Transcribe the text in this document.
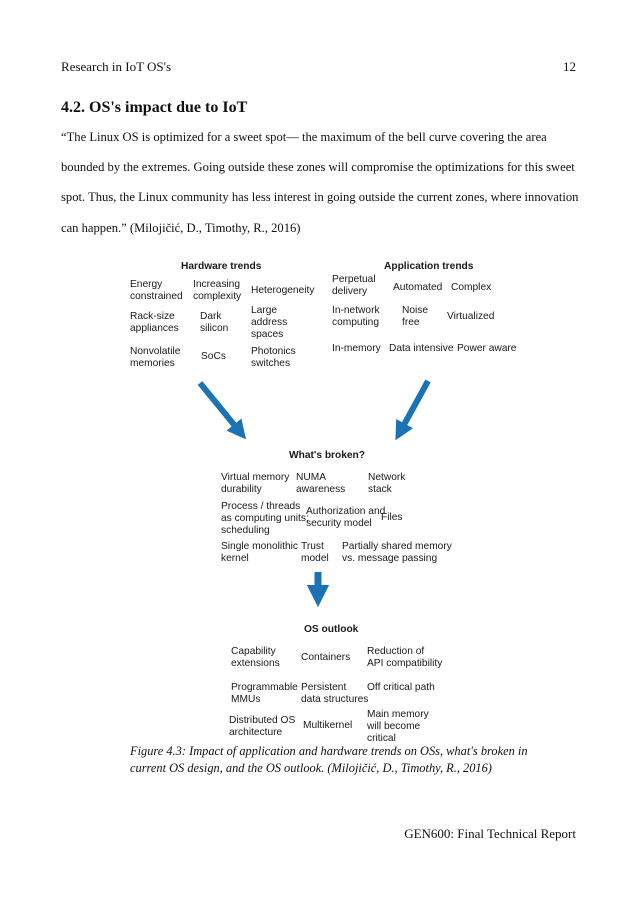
Research in IoT OS's	12
4.2. OS's impact due to IoT
“The Linux OS is optimized for a sweet spot— the maximum of the bell curve covering the area bounded by the extremes. Going outside these zones will compromise the optimizations for this sweet spot. Thus, the Linux community has less interest in going outside the current zones, where innovation can happen.” (Milojičić, D., Timothy, R., 2016)
Hardware trends
Energy
constrained
Increasing
complexity
Heterogeneity
Rack-size
appliances
Dark
silicon
Large
address
spaces
Nonvolatile
memories
SoCs Photonics
switches
Application trends
Perpetual
delivery	Automated Complex
In-network
computing
Noise
free
Virtualized
In-memory Data intensive Power aware
What's broken?
Virtual memory
durability
NUMA
awareness
Network
stack
Process / threads
as computing units;
scheduling
Authorization and
security model
Files
Single monolithic
kernel
Trust
model
Partially shared memory
vs. message passing
OS outlook
Capability
extensions
Containers
Reduction of
API compatibility
Programmable
MMUs
Persistent
data structures
Off critical path
Distributed OS
architecture
Multikernel
Main memory
will become
critical
Figure 4.3: Impact of application and hardware trends on OSs, what's broken in current OS design, and the OS outlook. (Milojičić, D., Timothy, R., 2016)
GEN600: Final Technical Report
